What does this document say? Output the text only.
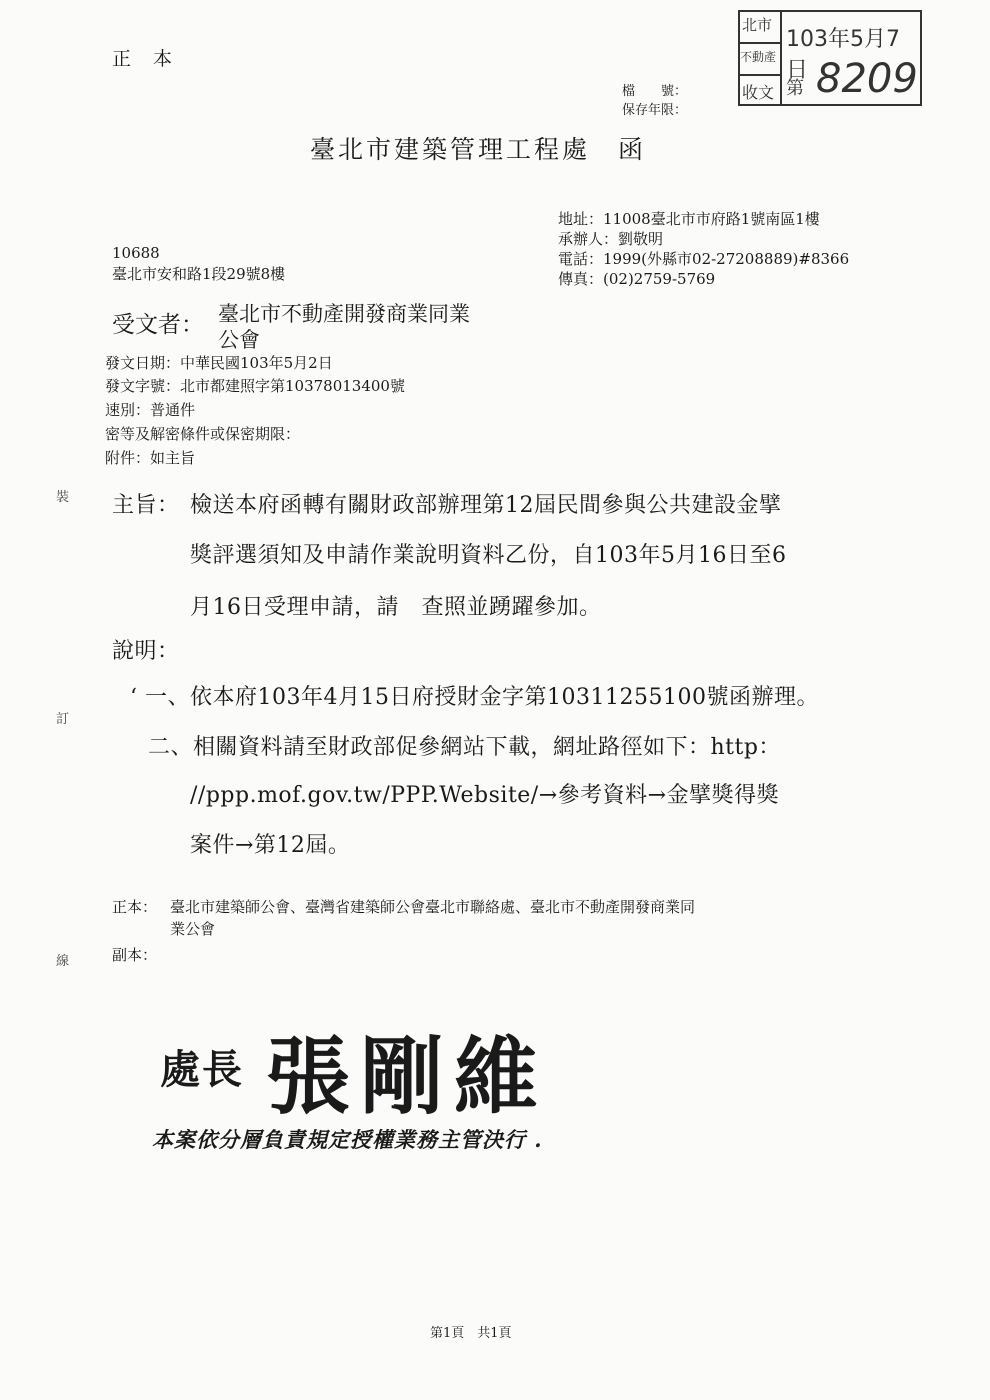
正本
北市
不動產
收文
103年5月7日
第 8209
檔　　號：
保存年限：
臺北市建築管理工程處　函
地址：11008臺北市市府路1號南區1樓
承辦人：劉敬明
電話：1999(外縣市02-27208889)#8366
傳真：(02)2759-5769
10688
臺北市安和路1段29號8樓
受文者： 臺北市不動產開發商業同業
公會
發文日期：中華民國103年5月2日
發文字號：北市都建照字第10378013400號
速別：普通件
密等及解密條件或保密期限：
附件：如主旨
主旨： 檢送本府函轉有關財政部辦理第12屆民間參與公共建設金擘
獎評選須知及申請作業說明資料乙份，自103年5月16日至6
月16日受理申請，請　查照並踴躍參加。
說明：
‘ 一、依本府103年4月15日府授財金字第10311255100號函辦理。
二、相關資料請至財政部促參網站下載，網址路徑如下：http：
//ppp.mof.gov.tw/PPP.Website/→參考資料→金擘獎得獎
案件→第12屆。
正本： 臺北市建築師公會、臺灣省建築師公會臺北市聯絡處、臺北市不動產開發商業同
業公會
副本：
裝
訂
線
處長 張剛維
本案依分層負責規定授權業務主管決行 .
第1頁　共1頁
